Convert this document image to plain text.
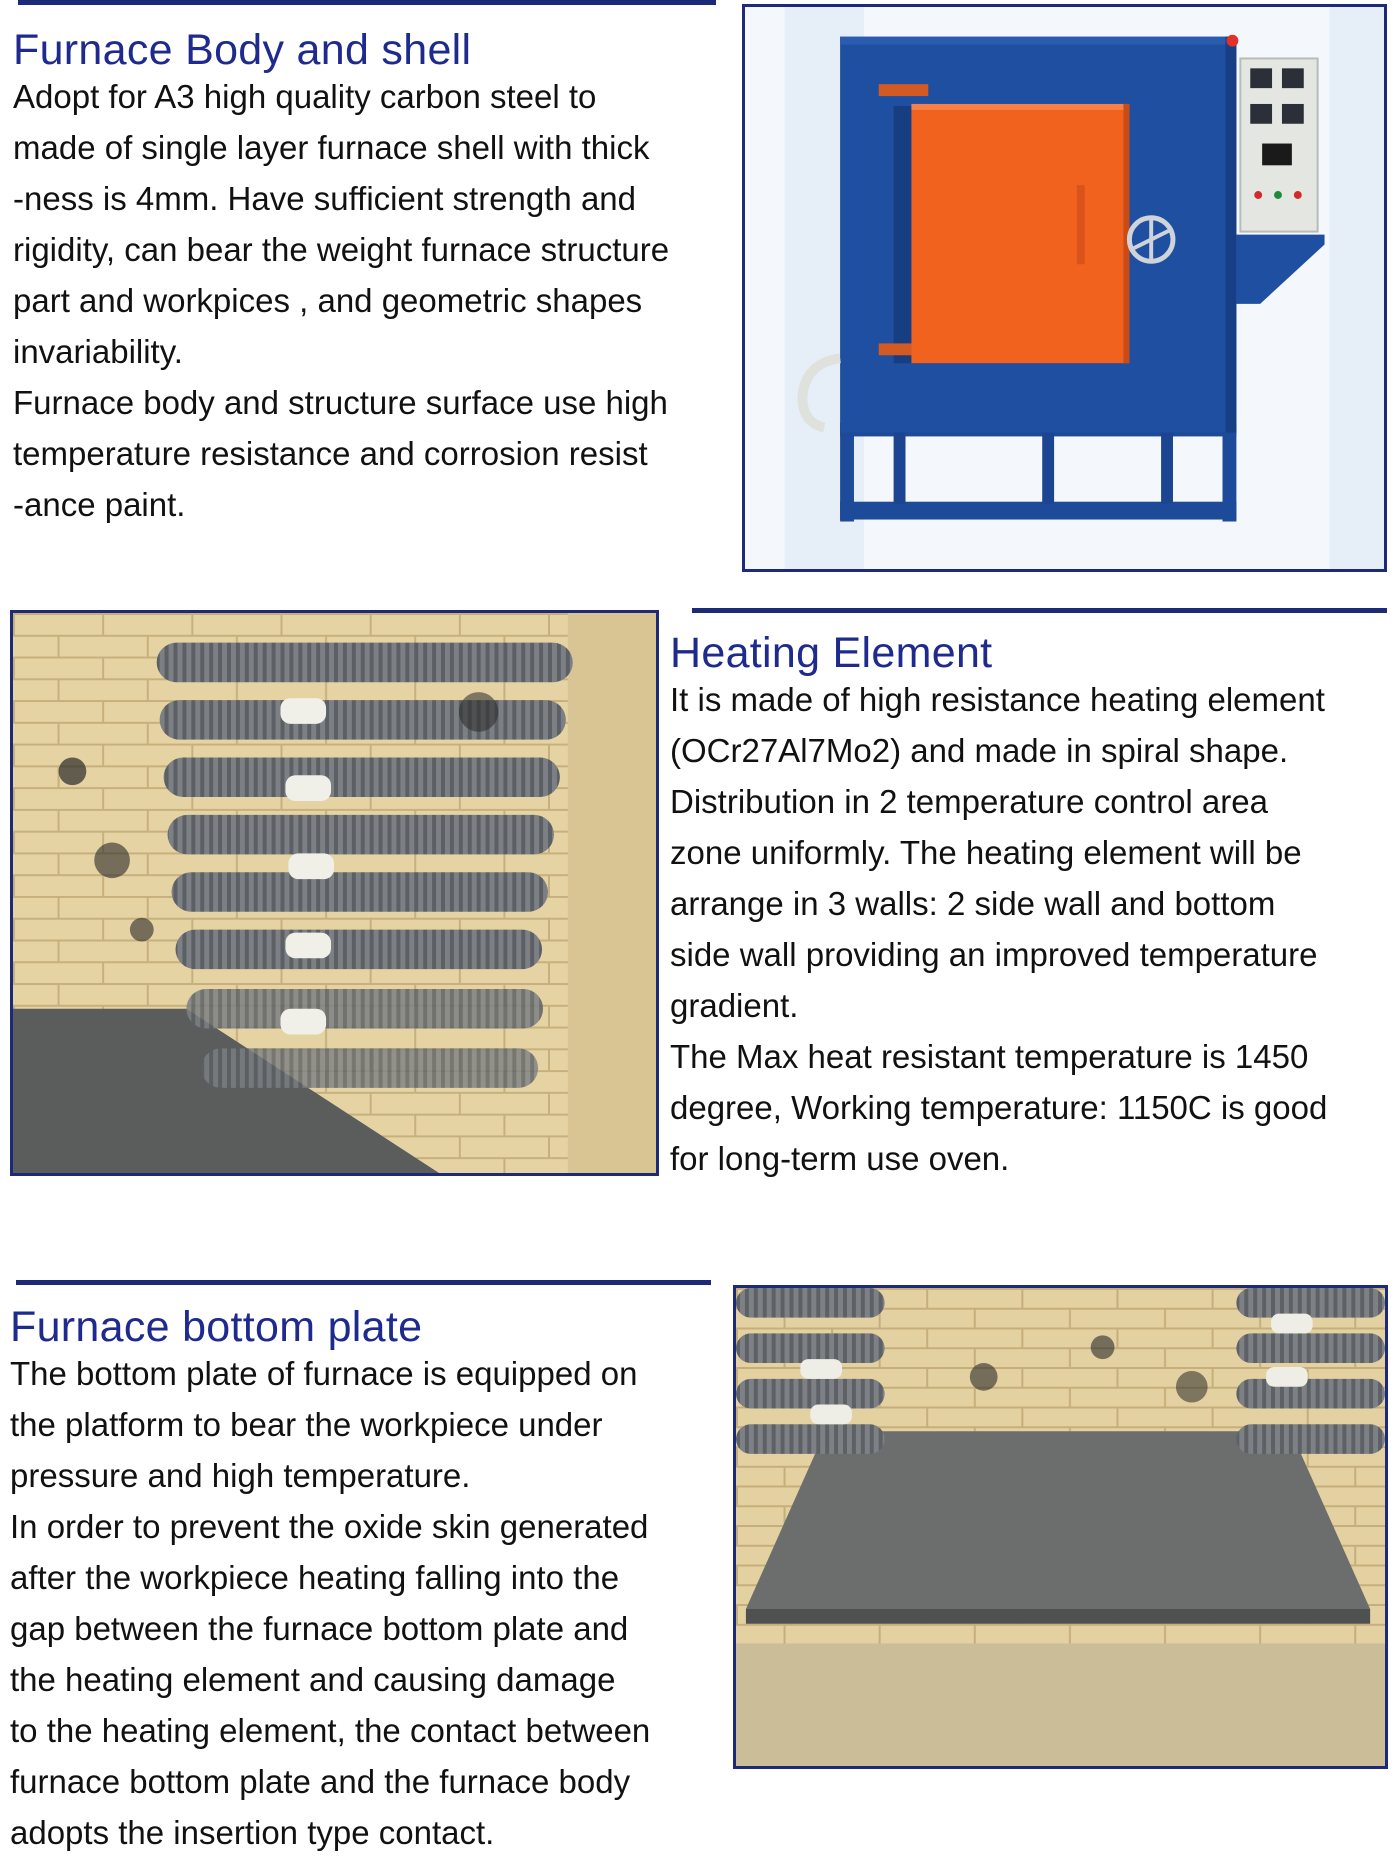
Furnace Body and shell
Adopt for A3 high quality carbon steel to
made of single layer furnace shell with thick
-ness is 4mm. Have sufficient strength and
rigidity, can bear the weight furnace structure
part and workpices , and geometric shapes
invariability.
Furnace body and structure surface use high
temperature resistance and corrosion resist
-ance paint.
Heating Element
It is made of high resistance heating element
(OCr27Al7Mo2) and made in spiral shape.
Distribution in 2 temperature control area
zone uniformly. The heating element will be
arrange in 3 walls: 2 side wall and bottom
side wall providing an improved temperature
gradient.
The Max heat resistant temperature is 1450
degree, Working temperature: 1150C is good
for long-term use oven.
Furnace bottom plate
The bottom plate of furnace is equipped on
the platform to bear the workpiece under
pressure and high temperature.
In order to prevent the oxide skin generated
after the workpiece heating falling into the
gap between the furnace bottom plate and
the heating element and causing damage
to the heating element, the contact between
furnace bottom plate and the furnace body
adopts the insertion type contact.
